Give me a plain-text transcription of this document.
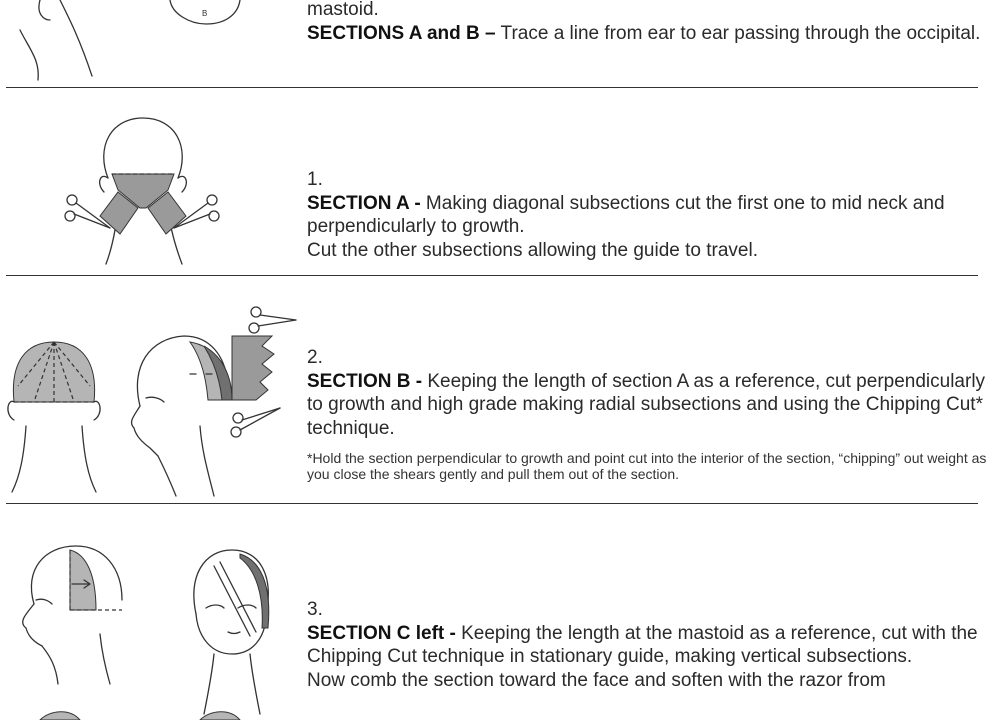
B	mastoid.

SECTIONS A and B – Trace a line from ear to ear passing through the occipital.

1.

SECTION A - Making diagonal subsections cut the first one to mid neck and perpendicularly to growth.

Cut the other subsections allowing the guide to travel.

2.

SECTION B - Keeping the length of section A as a reference, cut perpendicularly to growth and high grade making radial subsections and using the Chipping Cut* technique.

*Hold the section perpendicular to growth and point cut into the interior of the section, “chipping” out weight as you close the shears gently and pull them out of the section.

3.

SECTION C left - Keeping the length at the mastoid as a reference, cut with the Chipping Cut technique in stationary guide, making vertical subsections.

Now comb the section toward the face and soften with the razor from
